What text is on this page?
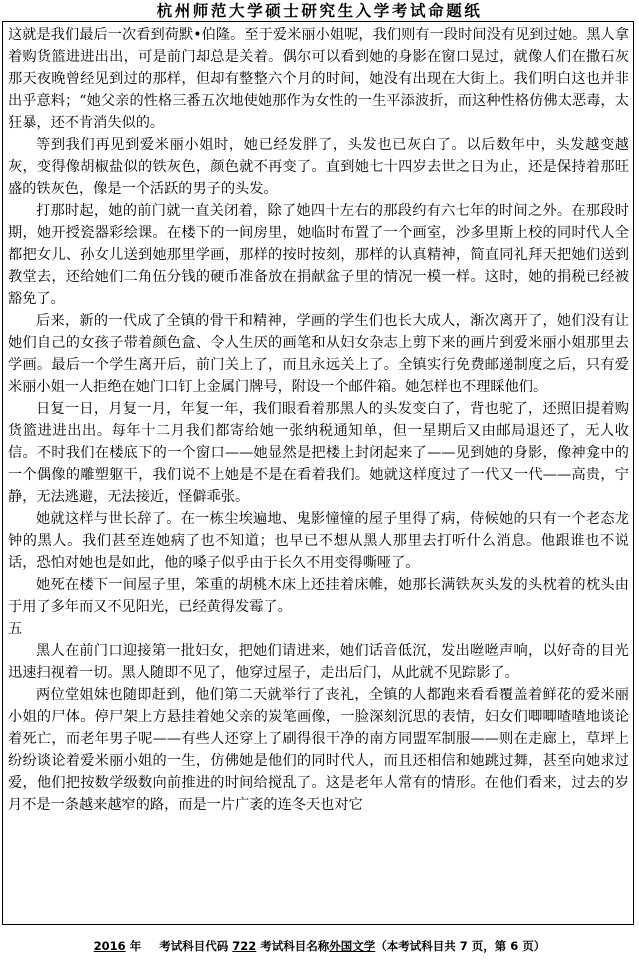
杭州师范大学硕士研究生入学考试命题纸

这就是我们最后一次看到荷默•伯隆。至于爱米丽小姐呢，我们则有一段时间没有见到过她。黑人拿着购货篮进进出出，可是前门却总是关着。偶尔可以看到她的身影在窗口晃过，就像人们在撒石灰那天夜晚曾经见到过的那样，但却有整整六个月的时间，她没有出现在大街上。我们明白这也并非出乎意料；“她父亲的性格三番五次地使她那作为女性的一生平添波折，而这种性格仿佛太恶毒，太狂暴，还不肯消失似的。

等到我们再见到爱米丽小姐时，她已经发胖了，头发也已灰白了。以后数年中，头发越变越灰，变得像胡椒盐似的铁灰色，颜色就不再变了。直到她七十四岁去世之日为止，还是保持着那旺盛的铁灰色，像是一个活跃的男子的头发。

打那时起，她的前门就一直关闭着，除了她四十左右的那段约有六七年的时间之外。在那段时期，她开授瓷器彩绘课。在楼下的一间房里，她临时布置了一个画室，沙多里斯上校的同时代人全都把女儿、孙女儿送到她那里学画，那样的按时按刻，那样的认真精神，简直同礼拜天把她们送到教堂去，还给她们二角伍分钱的硬币准备放在捐献盆子里的情况一模一样。这时，她的捐税已经被豁免了。

后来，新的一代成了全镇的骨干和精神，学画的学生们也长大成人，渐次离开了，她们没有让她们自己的女孩子带着颜色盒、令人生厌的画笔和从妇女杂志上剪下来的画片到爱米丽小姐那里去学画。最后一个学生离开后，前门关上了，而且永远关上了。全镇实行免费邮递制度之后，只有爱米丽小姐一人拒绝在她门口钉上金属门牌号，附设一个邮件箱。她怎样也不理睬他们。

日复一日，月复一月，年复一年，我们眼看着那黑人的头发变白了，背也驼了，还照旧提着购货篮进进出出。每年十二月我们都寄给她一张纳税通知单，但一星期后又由邮局退还了，无人收信。不时我们在楼底下的一个窗口——她显然是把楼上封闭起来了——见到她的身影，像神龛中的一个偶像的雕塑躯干，我们说不上她是不是在看着我们。她就这样度过了一代又一代——高贵，宁静，无法逃避，无法接近，怪僻乖张。

她就这样与世长辞了。在一栋尘埃遍地、鬼影憧憧的屋子里得了病，侍候她的只有一个老态龙钟的黑人。我们甚至连她病了也不知道；也早已不想从黑人那里去打听什么消息。他跟谁也不说话，恐怕对她也是如此，他的嗓子似乎由于长久不用变得嘶哑了。

她死在楼下一间屋子里，笨重的胡桃木床上还挂着床帷，她那长满铁灰头发的头枕着的枕头由于用了多年而又不见阳光，已经黄得发霉了。

五

黑人在前门口迎接第一批妇女，把她们请进来，她们话音低沉，发出咝咝声响，以好奇的目光迅速扫视着一切。黑人随即不见了，他穿过屋子，走出后门，从此就不见踪影了。

两位堂姐妹也随即赶到，他们第二天就举行了丧礼，全镇的人都跑来看看覆盖着鲜花的爱米丽小姐的尸体。停尸架上方悬挂着她父亲的炭笔画像，一脸深刻沉思的表情，妇女们唧唧喳喳地谈论着死亡，而老年男子呢——有些人还穿上了刷得很干净的南方同盟军制服——则在走廊上，草坪上纷纷谈论着爱米丽小姐的一生，仿佛她是他们的同时代人，而且还相信和她跳过舞，甚至向她求过爱，他们把按数学级数向前推进的时间给搅乱了。这是老年人常有的情形。在他们看来，过去的岁月不是一条越来越窄的路，而是一片广袤的连冬天也对它

2016 年 考试科目代码 722 考试科目名称外国文学（本考试科目共 7 页，第 6 页）
